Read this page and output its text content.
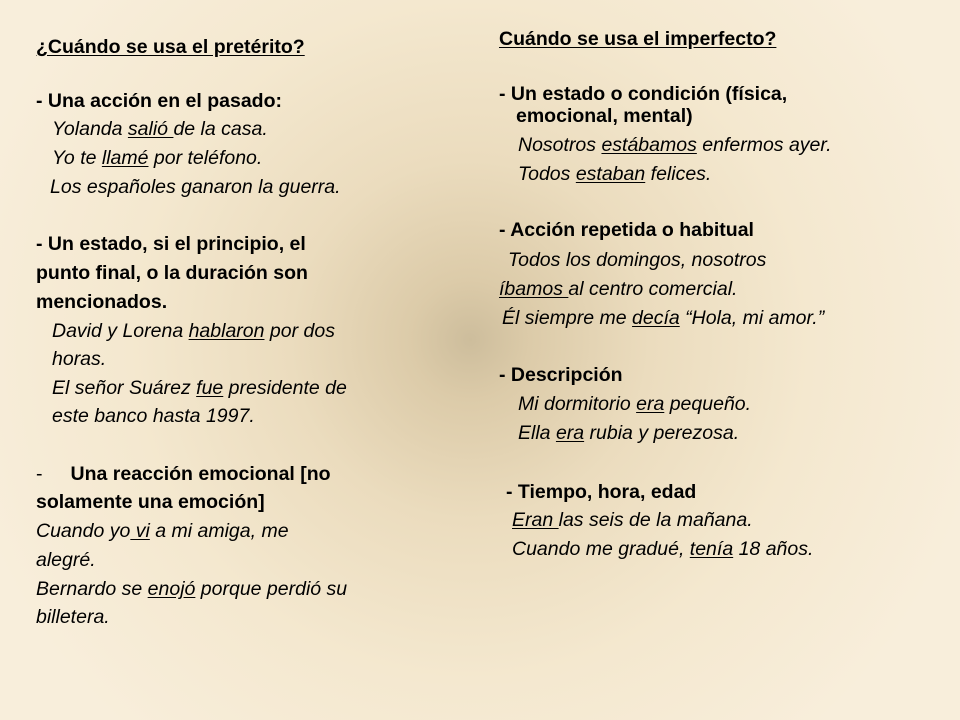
¿Cuándo se usa el pretérito?
- Una acción en el pasado:
Yolanda salió de la casa.
Yo te llamé por teléfono.
Los españoles ganaron la guerra.
- Un estado, si el principio, el
punto final, o la duración son
mencionados.
David y Lorena hablaron por dos
horas.
El señor Suárez fue presidente de
este banco hasta 1997.
- Una reacción emocional [no
solamente una emoción]
Cuando yo vi a mi amiga, me
alegré.
Bernardo se enojó porque perdió su
billetera.
Cuándo se usa el imperfecto?
- Un estado o condición (física,
emocional, mental)
Nosotros estábamos enfermos ayer.
Todos estaban felices.
- Acción repetida o habitual
Todos los domingos, nosotros
íbamos al centro comercial.
Él siempre me decía “Hola, mi amor.”
- Descripción
Mi dormitorio era pequeño.
Ella era rubia y perezosa.
- Tiempo, hora, edad
Eran las seis de la mañana.
Cuando me gradué, tenía 18 años.
